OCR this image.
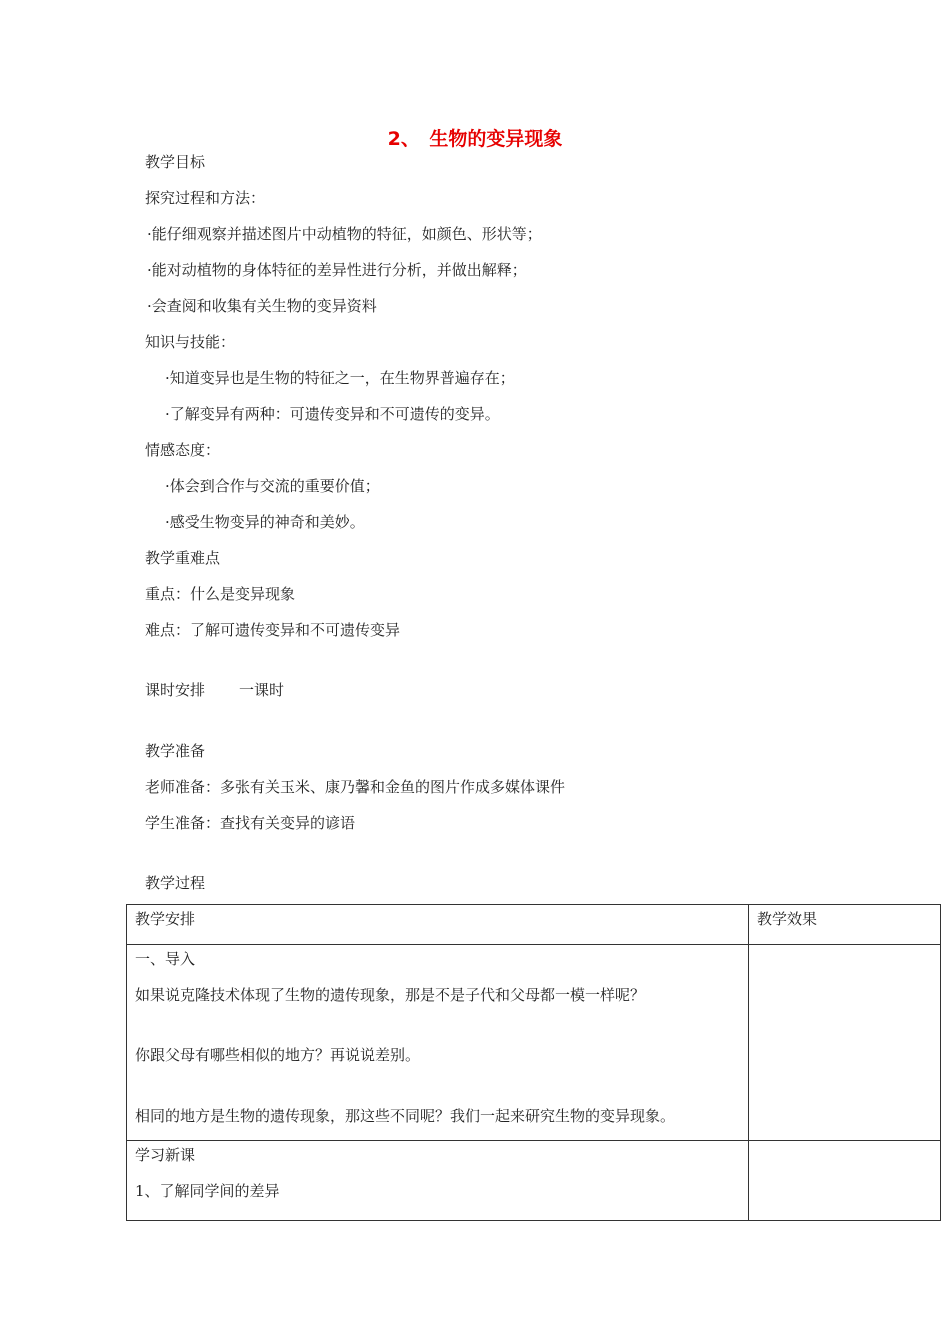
2、　生物的变异现象
教学目标
探究过程和方法：
·能仔细观察并描述图片中动植物的特征，如颜色、形状等；
·能对动植物的身体特征的差异性进行分析，并做出解释；
·会查阅和收集有关生物的变异资料
知识与技能：
·知道变异也是生物的特征之一，在生物界普遍存在；
·了解变异有两种：可遗传变异和不可遗传的变异。
情感态度：
·体会到合作与交流的重要价值；
·感受生物变异的神奇和美妙。
教学重难点
重点：什么是变异现象
难点：了解可遗传变异和不可遗传变异
课时安排 一课时
教学准备
老师准备：多张有关玉米、康乃馨和金鱼的图片作成多媒体课件
学生准备：查找有关变异的谚语
教学过程
教学安排	教学效果

一、导入
如果说克隆技术体现了生物的遗传现象，那是不是子代和父母都一模一样呢？
你跟父母有哪些相似的地方？再说说差别。
相同的地方是生物的遗传现象，那这些不同呢？我们一起来研究生物的变异现象。	

学习新课
1、了解同学间的差异	
